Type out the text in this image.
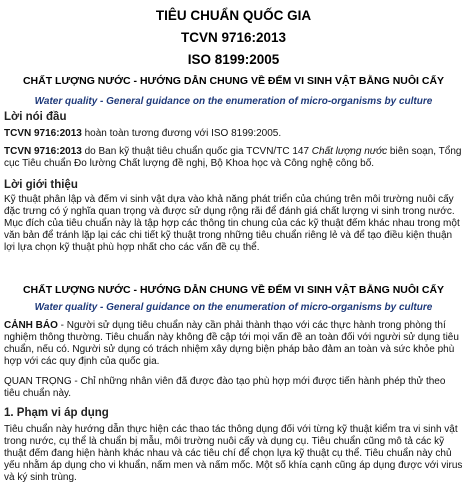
TIÊU CHUẨN QUỐC GIA
TCVN 9716:2013
ISO 8199:2005
CHẤT LƯỢNG NƯỚC - HƯỚNG DẪN CHUNG VỀ ĐẾM VI SINH VẬT BẰNG NUÔI CẤY
Water quality - General guidance on the enumeration of micro-organisms by culture
Lời nói đầu
TCVN 9716:2013 hoàn toàn tương đương với ISO 8199:2005.
TCVN 9716:2013 do Ban kỹ thuật tiêu chuẩn quốc gia TCVN/TC 147 Chất lượng nước biên soạn, Tổng cục Tiêu chuẩn Đo lường Chất lượng đề nghị, Bộ Khoa học và Công nghệ công bố.
Lời giới thiệu
Kỹ thuật phân lập và đếm vi sinh vật dựa vào khả năng phát triển của chúng trên môi trường nuôi cấy đặc trưng có ý nghĩa quan trọng và được sử dụng rộng rãi để đánh giá chất lượng vi sinh trong nước. Mục đích của tiêu chuẩn này là tập hợp các thông tin chung của các kỹ thuật đếm khác nhau trong một văn bản để tránh lặp lại các chi tiết kỹ thuật trong những tiêu chuẩn riêng lẻ và để tạo điều kiện thuận lợi lựa chọn kỹ thuật phù hợp nhất cho các vấn đề cụ thể.
CHẤT LƯỢNG NƯỚC - HƯỚNG DẪN CHUNG VỀ ĐẾM VI SINH VẬT BẰNG NUÔI CẤY
Water quality - General guidance on the enumeration of micro-organisms by culture
CẢNH BÁO - Người sử dụng tiêu chuẩn này cần phải thành thạo với các thực hành trong phòng thí nghiệm thông thường. Tiêu chuẩn này không đề cập tới mọi vấn đề an toàn đối với người sử dụng tiêu chuẩn, nếu có. Người sử dụng có trách nhiệm xây dựng biện pháp bảo đảm an toàn và sức khỏe phù hợp với các quy định của quốc gia.
QUAN TRỌNG - Chỉ những nhân viên đã được đào tạo phù hợp mới được tiến hành phép thử theo tiêu chuẩn này.
1. Phạm vi áp dụng
Tiêu chuẩn này hướng dẫn thực hiện các thao tác thông dụng đối với từng kỹ thuật kiểm tra vi sinh vật trong nước, cụ thể là chuẩn bị mẫu, môi trường nuôi cấy và dụng cụ. Tiêu chuẩn cũng mô tả các kỹ thuật đếm đang hiện hành khác nhau và các tiêu chí để chọn lựa kỹ thuật cụ thể. Tiêu chuẩn này chủ yếu nhằm áp dụng cho vi khuẩn, nấm men và nấm mốc. Một số khía cạnh cũng áp dụng được với virus và ký sinh trùng.
